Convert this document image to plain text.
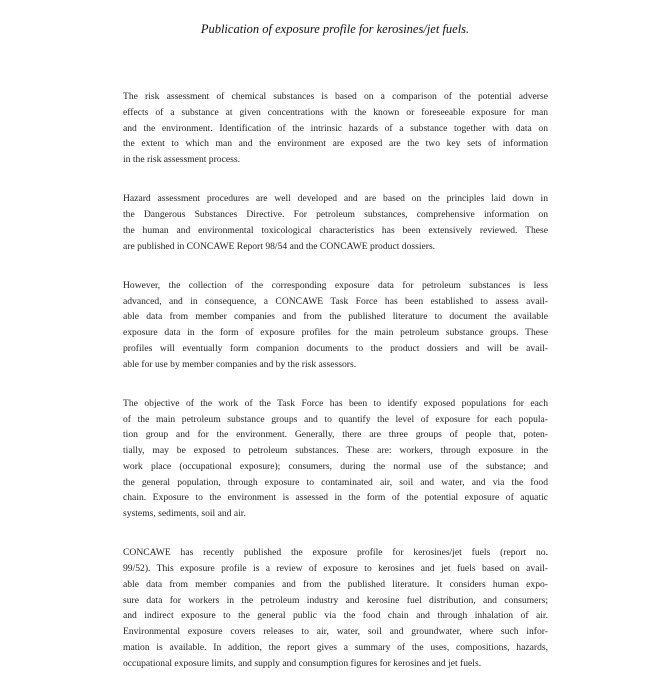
Publication of exposure profile for kerosines/jet fuels.

The risk assessment of chemical substances is based on a comparison of the potential adverse
effects of a substance at given concentrations with the known or foreseeable exposure for man
and the environment. Identification of the intrinsic hazards of a substance together with data on
the extent to which man and the environment are exposed are the two key sets of information
in the risk assessment process.

Hazard assessment procedures are well developed and are based on the principles laid down in
the Dangerous Substances Directive. For petroleum substances, comprehensive information on
the human and environmental toxicological characteristics has been extensively reviewed. These
are published in CONCAWE Report 98/54 and the CONCAWE product dossiers.

However, the collection of the corresponding exposure data for petroleum substances is less
advanced, and in consequence, a CONCAWE Task Force has been established to assess avail-
able data from member companies and from the published literature to document the available
exposure data in the form of exposure profiles for the main petroleum substance groups. These
profiles will eventually form companion documents to the product dossiers and will be avail-
able for use by member companies and by the risk assessors.

The objective of the work of the Task Force has been to identify exposed populations for each
of the main petroleum substance groups and to quantify the level of exposure for each popula-
tion group and for the environment. Generally, there are three groups of people that, poten-
tially, may be exposed to petroleum substances. These are: workers, through exposure in the
work place (occupational exposure); consumers, during the normal use of the substance; and
the general population, through exposure to contaminated air, soil and water, and via the food
chain. Exposure to the environment is assessed in the form of the potential exposure of aquatic
systems, sediments, soil and air.

CONCAWE has recently published the exposure profile for kerosines/jet fuels (report no.
99/52). This exposure profile is a review of exposure to kerosines and jet fuels based on avail-
able data from member companies and from the published literature. It considers human expo-
sure data for workers in the petroleum industry and kerosine fuel distribution, and consumers;
and indirect exposure to the general public via the food chain and through inhalation of air.
Environmental exposure covers releases to air, water, soil and groundwater, where such infor-
mation is available. In addition, the report gives a summary of the uses, compositions, hazards,
occupational exposure limits, and supply and consumption figures for kerosines and jet fuels.
